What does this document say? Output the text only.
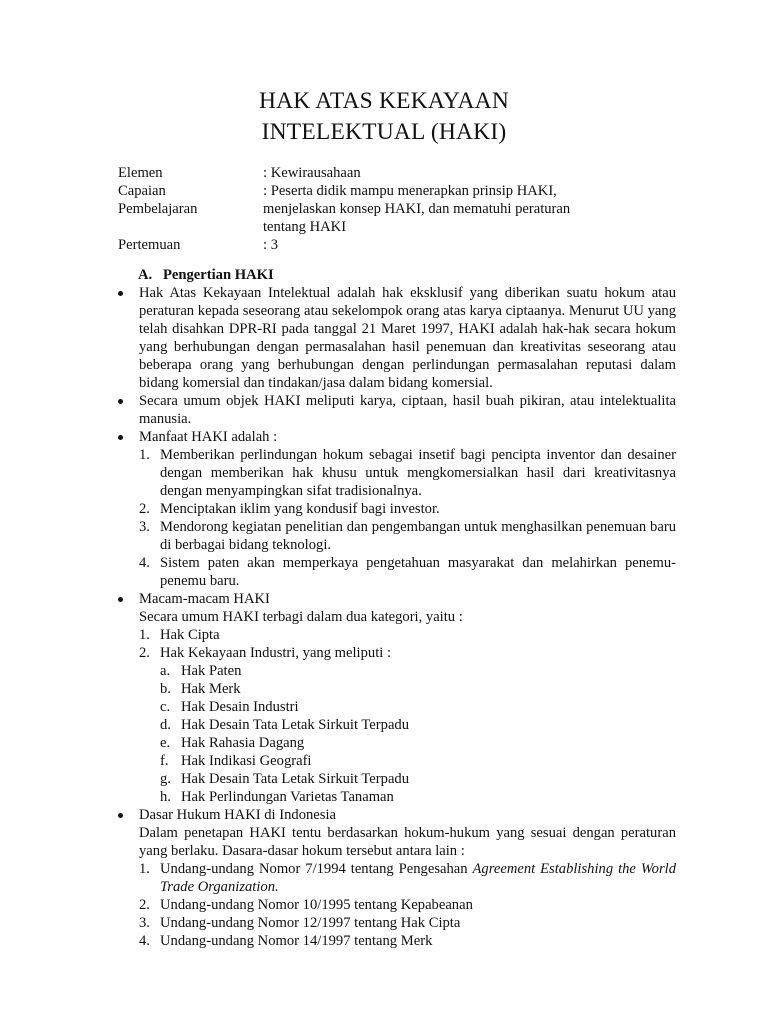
HAK ATAS KEKAYAAN
INTELEKTUAL (HAKI)
Elemen	: Kewirausahaan
Capaian
Pembelajaran
: Peserta didik mampu menerapkan prinsip HAKI,
menjelaskan konsep HAKI, dan mematuhi peraturan
tentang HAKI
Pertemuan	: 3
A. Pengertian HAKI
Hak Atas Kekayaan Intelektual adalah hak eksklusif yang diberikan suatu hokum atau peraturan kepada seseorang atau sekelompok orang atas karya ciptaanya. Menurut UU yang telah disahkan DPR-RI pada tanggal 21 Maret 1997, HAKI adalah hak-hak secara hokum yang berhubungan dengan permasalahan hasil penemuan dan kreativitas seseorang atau beberapa orang yang berhubungan dengan perlindungan permasalahan reputasi dalam bidang komersial dan tindakan/jasa dalam bidang komersial.
Secara umum objek HAKI meliputi karya, ciptaan, hasil buah pikiran, atau intelektualita manusia.
Manfaat HAKI adalah :
1. Memberikan perlindungan hokum sebagai insetif bagi pencipta inventor dan desainer dengan memberikan hak khusu untuk mengkomersialkan hasil dari kreativitasnya dengan menyampingkan sifat tradisionalnya.
2. Menciptakan iklim yang kondusif bagi investor.
3. Mendorong kegiatan penelitian dan pengembangan untuk menghasilkan penemuan baru di berbagai bidang teknologi.
4. Sistem paten akan memperkaya pengetahuan masyarakat dan melahirkan penemu-penemu baru.
Macam-macam HAKI
Secara umum HAKI terbagi dalam dua kategori, yaitu :
1. Hak Cipta
2. Hak Kekayaan Industri, yang meliputi :
a. Hak Paten
b. Hak Merk
c. Hak Desain Industri
d. Hak Desain Tata Letak Sirkuit Terpadu
e. Hak Rahasia Dagang
f. Hak Indikasi Geografi
g. Hak Desain Tata Letak Sirkuit Terpadu
h. Hak Perlindungan Varietas Tanaman
Dasar Hukum HAKI di Indonesia
Dalam penetapan HAKI tentu berdasarkan hokum-hukum yang sesuai dengan peraturan yang berlaku. Dasara-dasar hokum tersebut antara lain :
1. Undang-undang Nomor 7/1994 tentang Pengesahan Agreement Establishing the World Trade Organization.
2. Undang-undang Nomor 10/1995 tentang Kepabeanan
3. Undang-undang Nomor 12/1997 tentang Hak Cipta
4. Undang-undang Nomor 14/1997 tentang Merk
